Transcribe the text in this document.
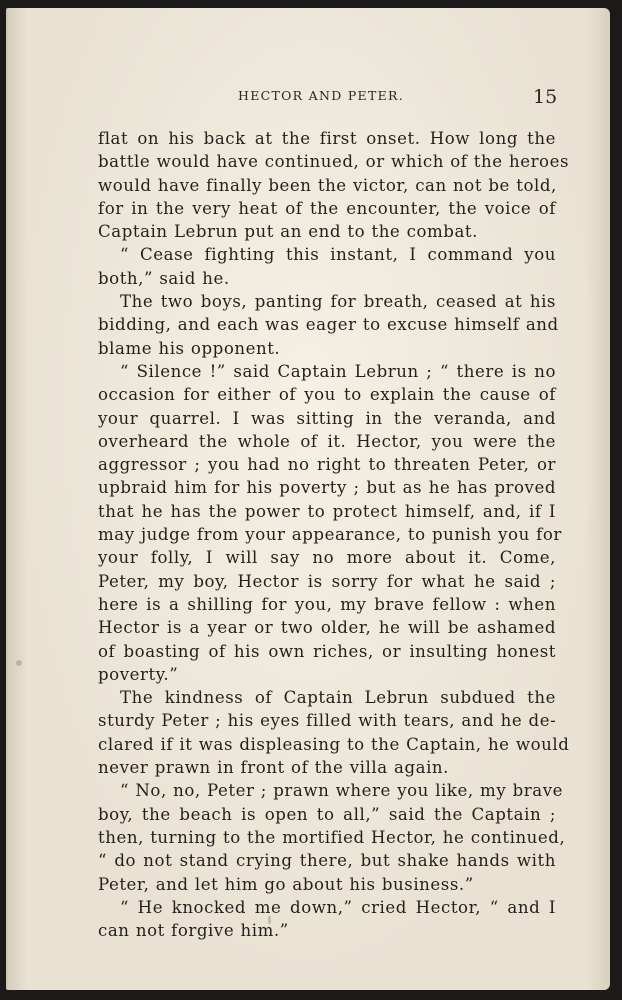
HECTOR AND PETER.	15
flat on his back at the first onset. How long the
battle would have continued, or which of the heroes
would have finally been the victor, can not be told,
for in the very heat of the encounter, the voice of
Captain Lebrun put an end to the combat.
“ Cease fighting this instant, I command you
both,” said he.
The two boys, panting for breath, ceased at his
bidding, and each was eager to excuse himself and
blame his opponent.
“ Silence !” said Captain Lebrun ; “ there is no
occasion for either of you to explain the cause of
your quarrel. I was sitting in the veranda, and
overheard the whole of it. Hector, you were the
aggressor ; you had no right to threaten Peter, or
upbraid him for his poverty ; but as he has proved
that he has the power to protect himself, and, if I
may judge from your appearance, to punish you for
your folly, I will say no more about it. Come,
Peter, my boy, Hector is sorry for what he said ;
here is a shilling for you, my brave fellow : when
Hector is a year or two older, he will be ashamed
of boasting of his own riches, or insulting honest
poverty.”
The kindness of Captain Lebrun subdued the
sturdy Peter ; his eyes filled with tears, and he de-
clared if it was displeasing to the Captain, he would
never prawn in front of the villa again.
“ No, no, Peter ; prawn where you like, my brave
boy, the beach is open to all,” said the Captain ;
then, turning to the mortified Hector, he continued,
“ do not stand crying there, but shake hands with
Peter, and let him go about his business.”
“ He knocked me down,” cried Hector, “ and I
can not forgive him.”
